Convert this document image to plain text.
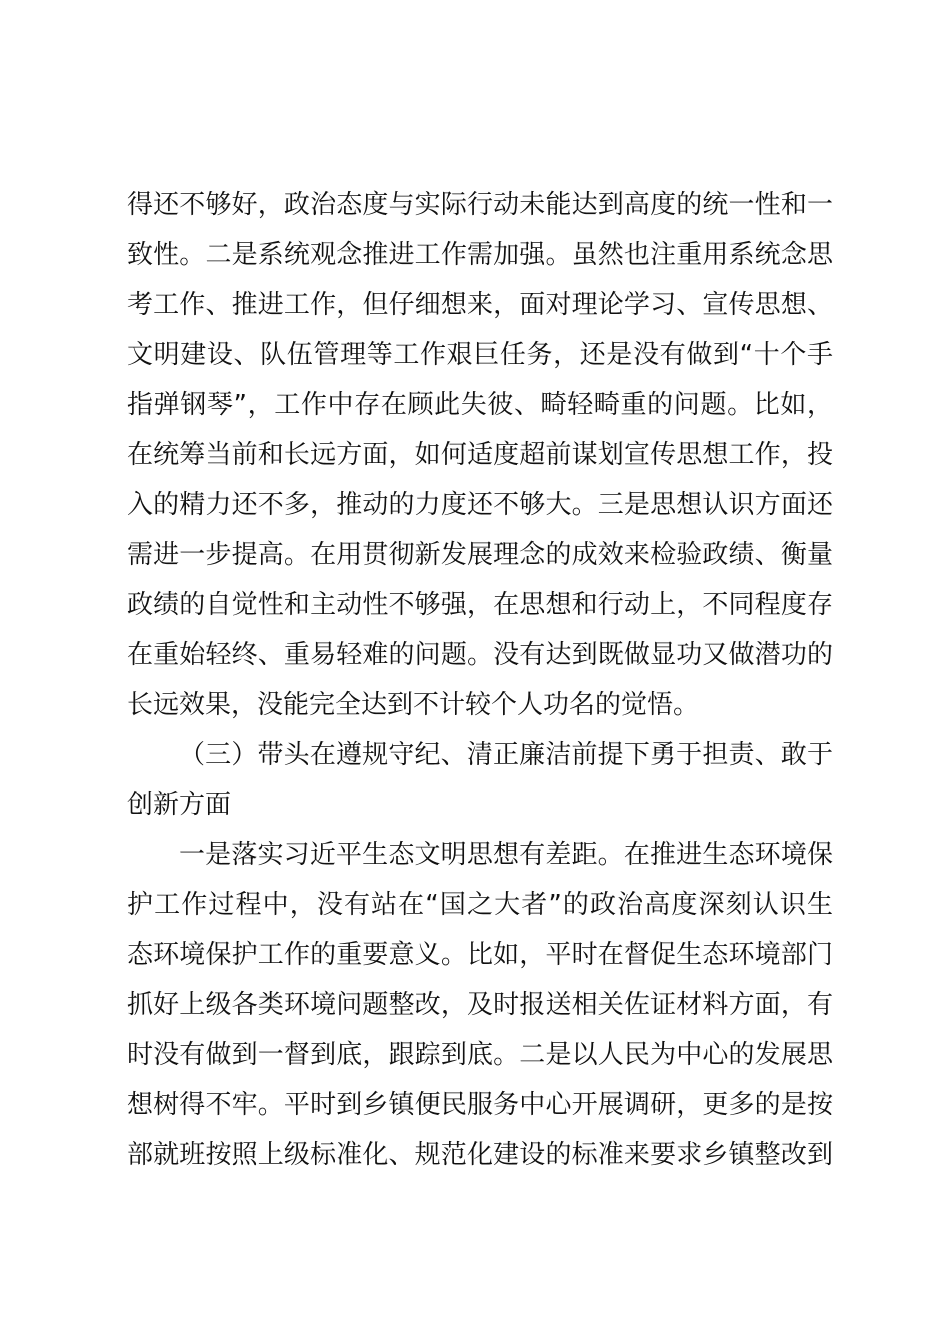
得还不够好，政治态度与实际行动未能达到高度的统一性和一
致性。二是系统观念推进工作需加强。虽然也注重用系统念思
考工作、推进工作，但仔细想来，面对理论学习、宣传思想、
文明建设、队伍管理等工作艰巨任务，还是没有做到“十个手
指弹钢琴”，工作中存在顾此失彼、畸轻畸重的问题。比如，
在统筹当前和长远方面，如何适度超前谋划宣传思想工作，投
入的精力还不多，推动的力度还不够大。三是思想认识方面还
需进一步提高。在用贯彻新发展理念的成效来检验政绩、衡量
政绩的自觉性和主动性不够强，在思想和行动上，不同程度存
在重始轻终、重易轻难的问题。没有达到既做显功又做潜功的
长远效果，没能完全达到不计较个人功名的觉悟。
（三）带头在遵规守纪、清正廉洁前提下勇于担责、敢于
创新方面
一是落实习近平生态文明思想有差距。在推进生态环境保
护工作过程中，没有站在“国之大者”的政治高度深刻认识生
态环境保护工作的重要意义。比如，平时在督促生态环境部门
抓好上级各类环境问题整改，及时报送相关佐证材料方面，有
时没有做到一督到底，跟踪到底。二是以人民为中心的发展思
想树得不牢。平时到乡镇便民服务中心开展调研，更多的是按
部就班按照上级标准化、规范化建设的标准来要求乡镇整改到
